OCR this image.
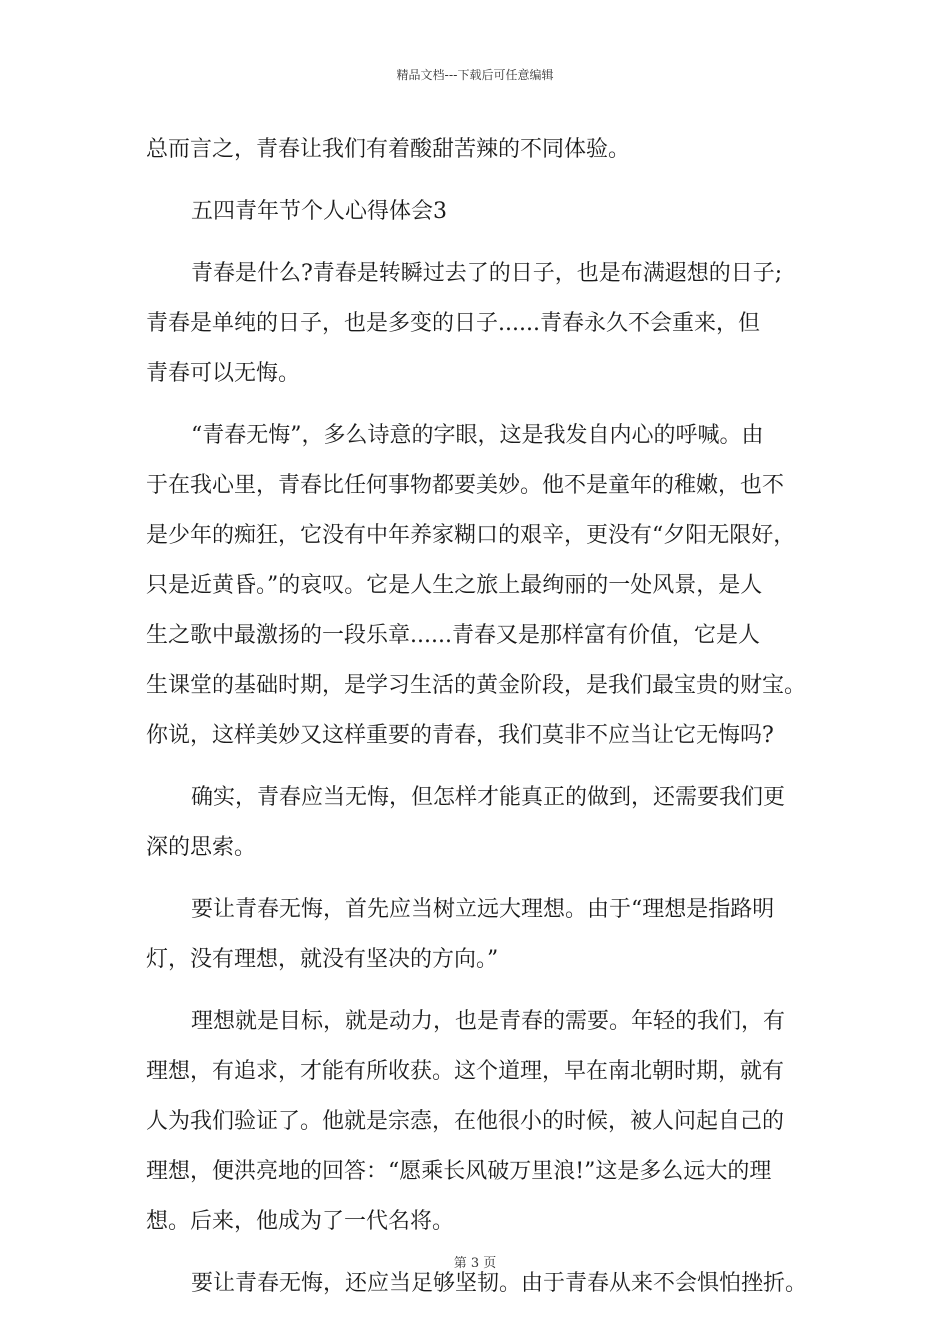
精品文档---下载后可任意编辑
总而言之，青春让我们有着酸甜苦辣的不同体验。
五四青年节个人心得体会3
青春是什么?青春是转瞬过去了的日子，也是布满遐想的日子;
青春是单纯的日子，也是多变的日子......青春永久不会重来，但
青春可以无悔。
“青春无悔”，多么诗意的字眼，这是我发自内心的呼喊。由
于在我心里，青春比任何事物都要美妙。他不是童年的稚嫩，也不
是少年的痴狂，它没有中年养家糊口的艰辛，更没有“夕阳无限好，
只是近黄昏。”的哀叹。它是人生之旅上最绚丽的一处风景，是人
生之歌中最激扬的一段乐章......青春又是那样富有价值，它是人
生课堂的基础时期，是学习生活的黄金阶段，是我们最宝贵的财宝。
你说，这样美妙又这样重要的青春，我们莫非不应当让它无悔吗?
确实，青春应当无悔，但怎样才能真正的做到，还需要我们更
深的思索。
要让青春无悔，首先应当树立远大理想。由于“理想是指路明
灯，没有理想，就没有坚决的方向。”
理想就是目标，就是动力，也是青春的需要。年轻的我们，有
理想，有追求，才能有所收获。这个道理，早在南北朝时期，就有
人为我们验证了。他就是宗悫，在他很小的时候，被人问起自己的
理想，便洪亮地的回答：“愿乘长风破万里浪!”这是多么远大的理
想。后来，他成为了一代名将。
要让青春无悔，还应当足够坚韧。由于青春从来不会惧怕挫折。
第 3 页
